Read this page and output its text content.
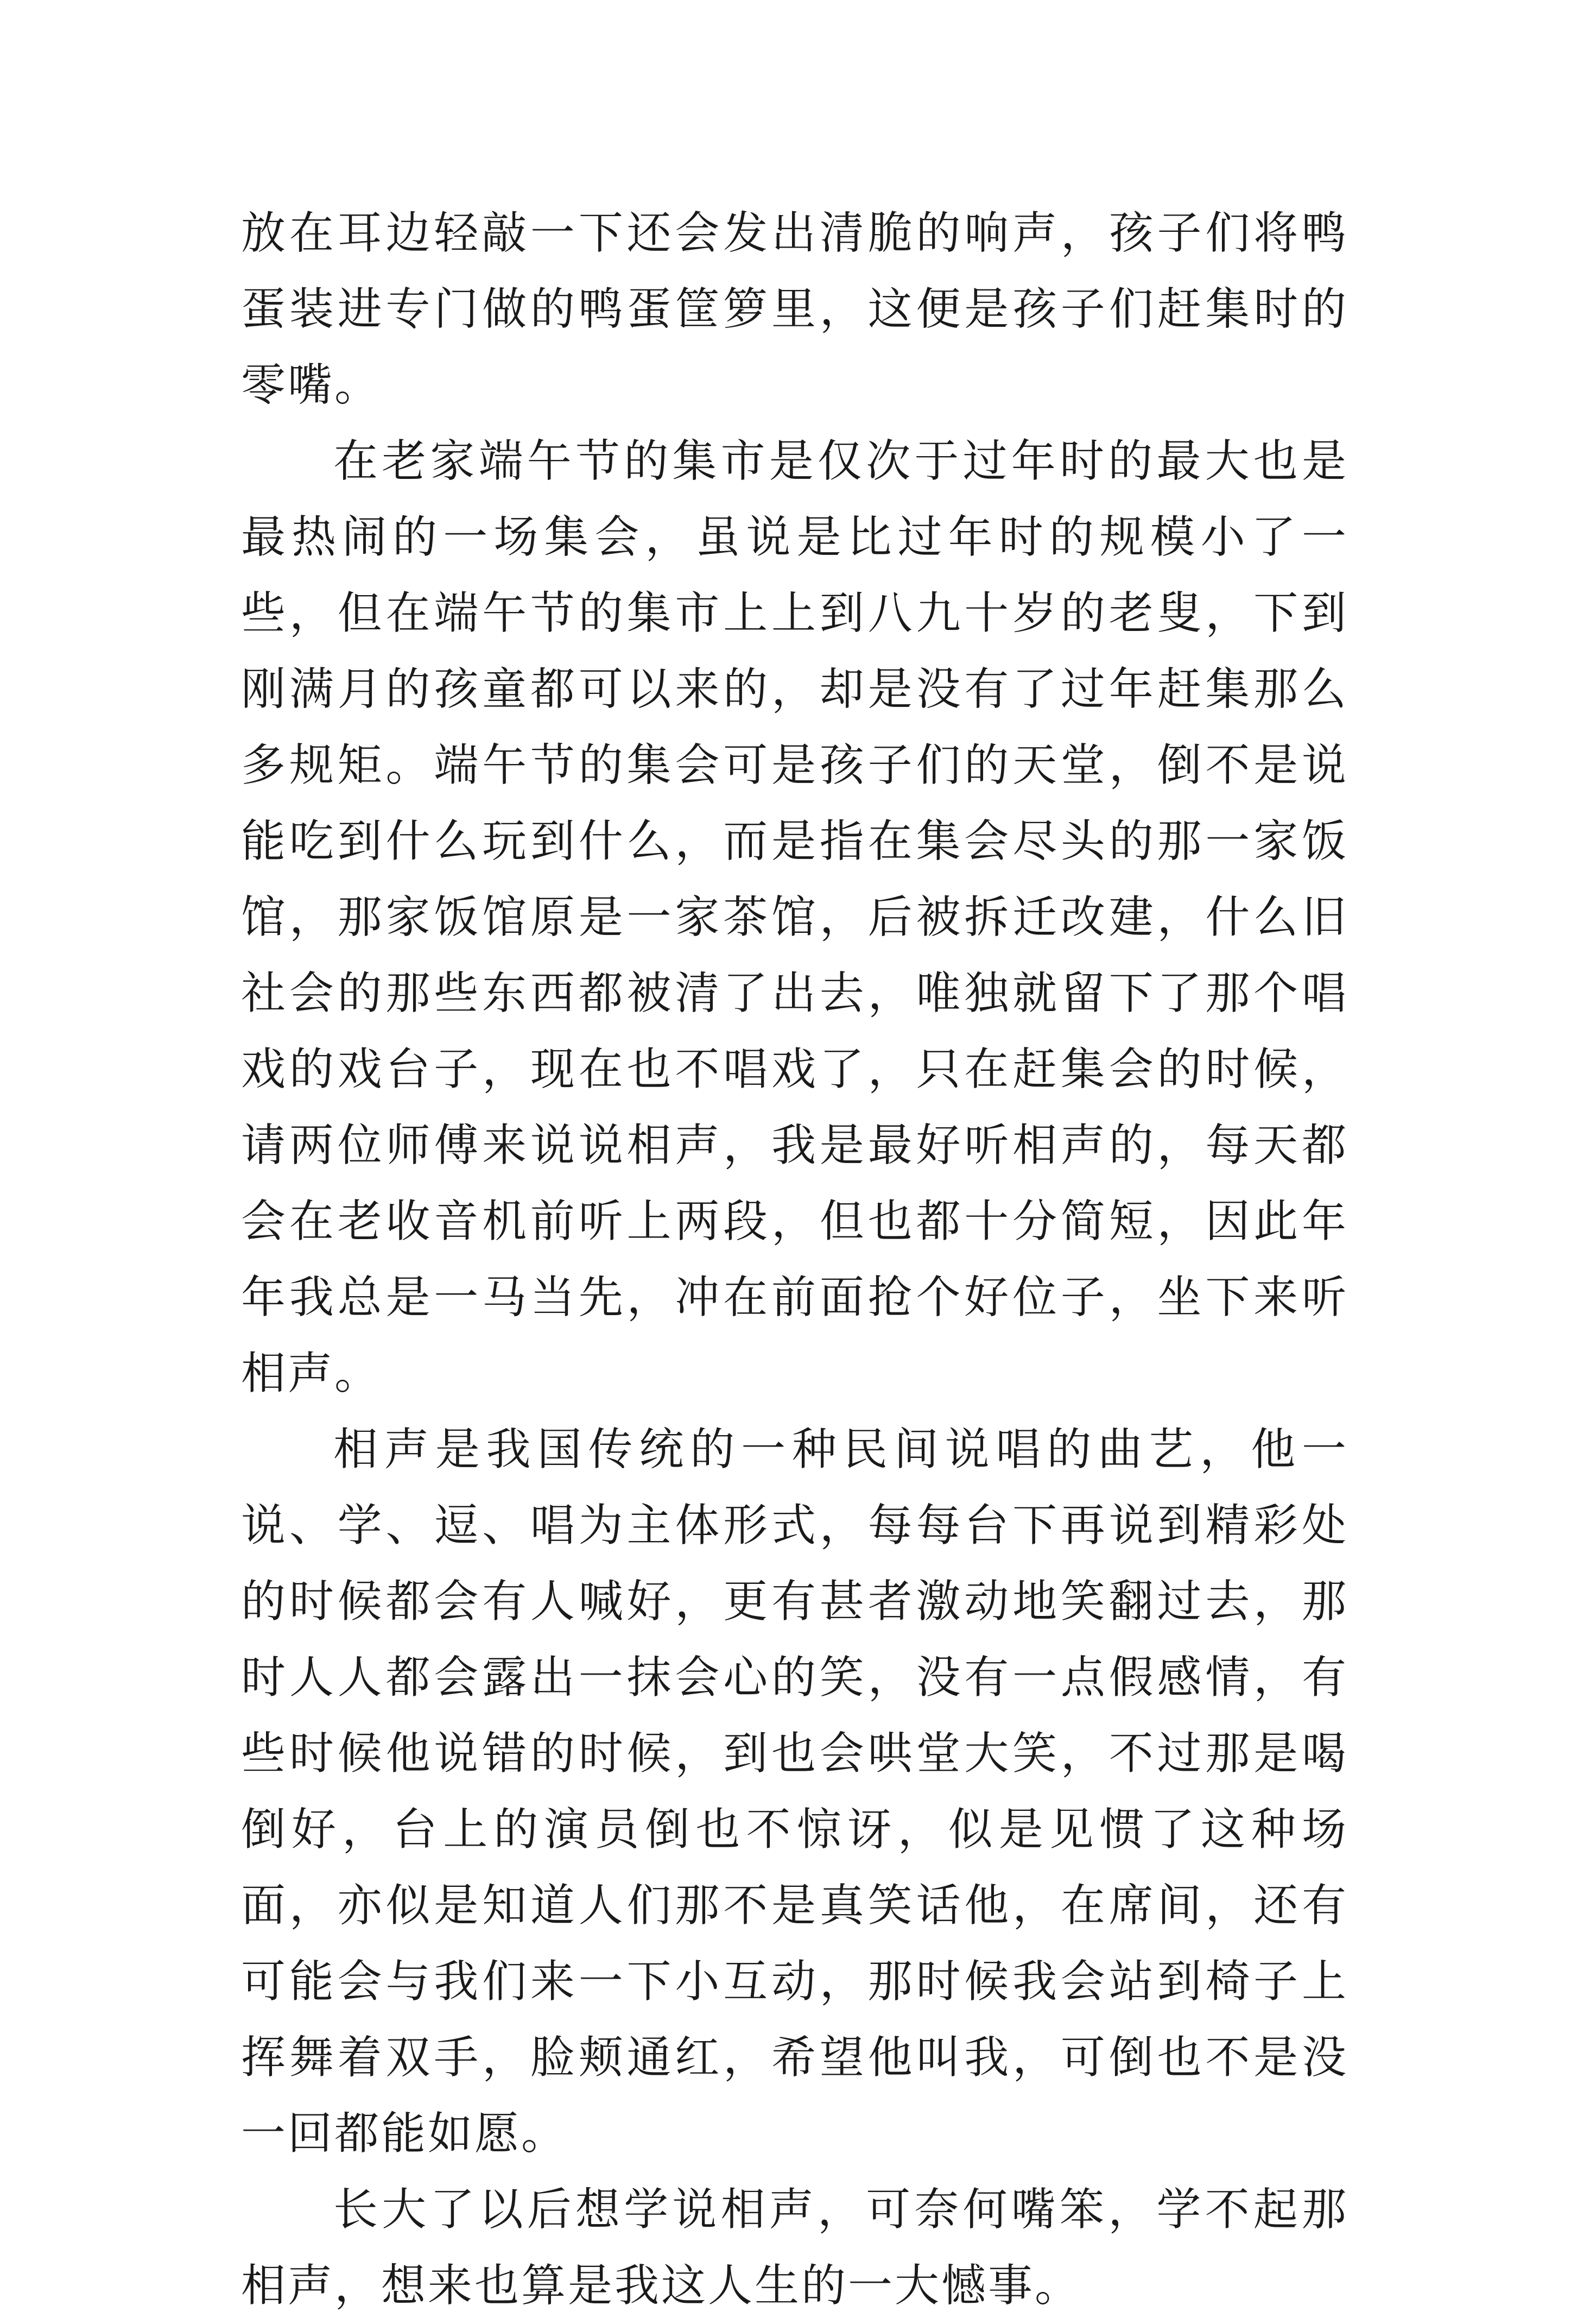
放在耳边轻敲一下还会发出清脆的响声，孩子们将鸭蛋装进专门做的鸭蛋筐箩里，这便是孩子们赶集时的零嘴。

在老家端午节的集市是仅次于过年时的最大也是最热闹的一场集会，虽说是比过年时的规模小了一些，但在端午节的集市上上到八九十岁的老叟，下到刚满月的孩童都可以来的，却是没有了过年赶集那么多规矩。端午节的集会可是孩子们的天堂，倒不是说能吃到什么玩到什么，而是指在集会尽头的那一家饭馆，那家饭馆原是一家茶馆，后被拆迁改建，什么旧社会的那些东西都被清了出去，唯独就留下了那个唱戏的戏台子，现在也不唱戏了，只在赶集会的时候，请两位师傅来说说相声，我是最好听相声的，每天都会在老收音机前听上两段，但也都十分简短，因此年年我总是一马当先，冲在前面抢个好位子，坐下来听相声。

相声是我国传统的一种民间说唱的曲艺，他一说、学、逗、唱为主体形式，每每台下再说到精彩处的时候都会有人喊好，更有甚者激动地笑翻过去，那时人人都会露出一抹会心的笑，没有一点假感情，有些时候他说错的时候，到也会哄堂大笑，不过那是喝倒好，台上的演员倒也不惊讶，似是见惯了这种场面，亦似是知道人们那不是真笑话他，在席间，还有可能会与我们来一下小互动，那时候我会站到椅子上挥舞着双手，脸颊通红，希望他叫我，可倒也不是没一回都能如愿。

长大了以后想学说相声，可奈何嘴笨，学不起那相声，想来也算是我这人生的一大憾事。
